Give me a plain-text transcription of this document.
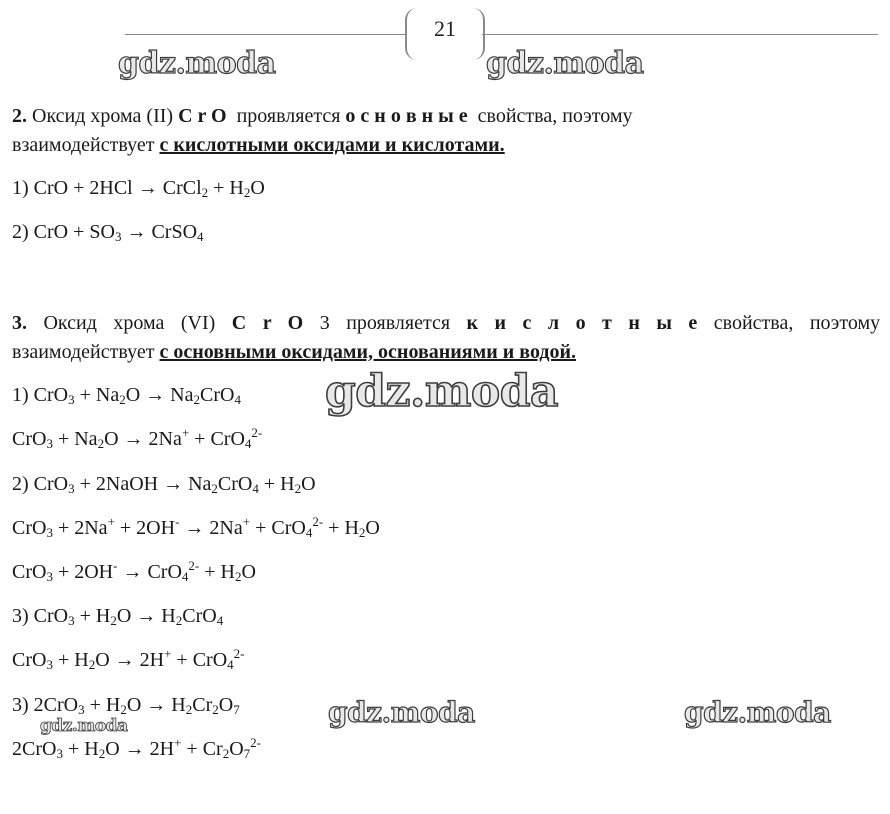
21
gdz.moda	gdz.moda
gdz.moda
gdz.moda	gdz.moda
gdz.moda
2. Оксид хрома (II) C r O проявляется о с н о в н ы е свойства, поэтому
взаимодействует с кислотными оксидами и кислотами.
1) CrO + 2HCl → CrCl$_2$ + $H_2O$
2) CrO + $SO_3$ → CrSO$_4$
3. Оксид хрома (VI) C r O 3 проявляется к и с л о т н ы е свойства, поэтому
взаимодействует с основными оксидами, основаниями и водой.
1) $CrO_3 + Na_2O \to Na_2CrO_4$
$CrO_3 + Na_2O \to 2Na^+ + CrO_4^{2-}$
2) CrO$_3$ + 2NaOH → $Na_2CrO_4 + H_2O$
$CrO_3 + 2Na^+ + 2OH^- \to 2Na^+ + CrO_4^{2-} + H_2O$
$CrO_3 + 2OH^- \to CrO_4^{2-} + H_2O$
3) $CrO_3 + H_2O \to H_2CrO_4$
$CrO_3 + H_2O \to 2H^+ + CrO_4^{2-}$
3) $2CrO_3 + H_2O \to H_2Cr_2O_7$
$2CrO_3 + H_2O \to 2H^+ + Cr_2O_7^{2-}$
